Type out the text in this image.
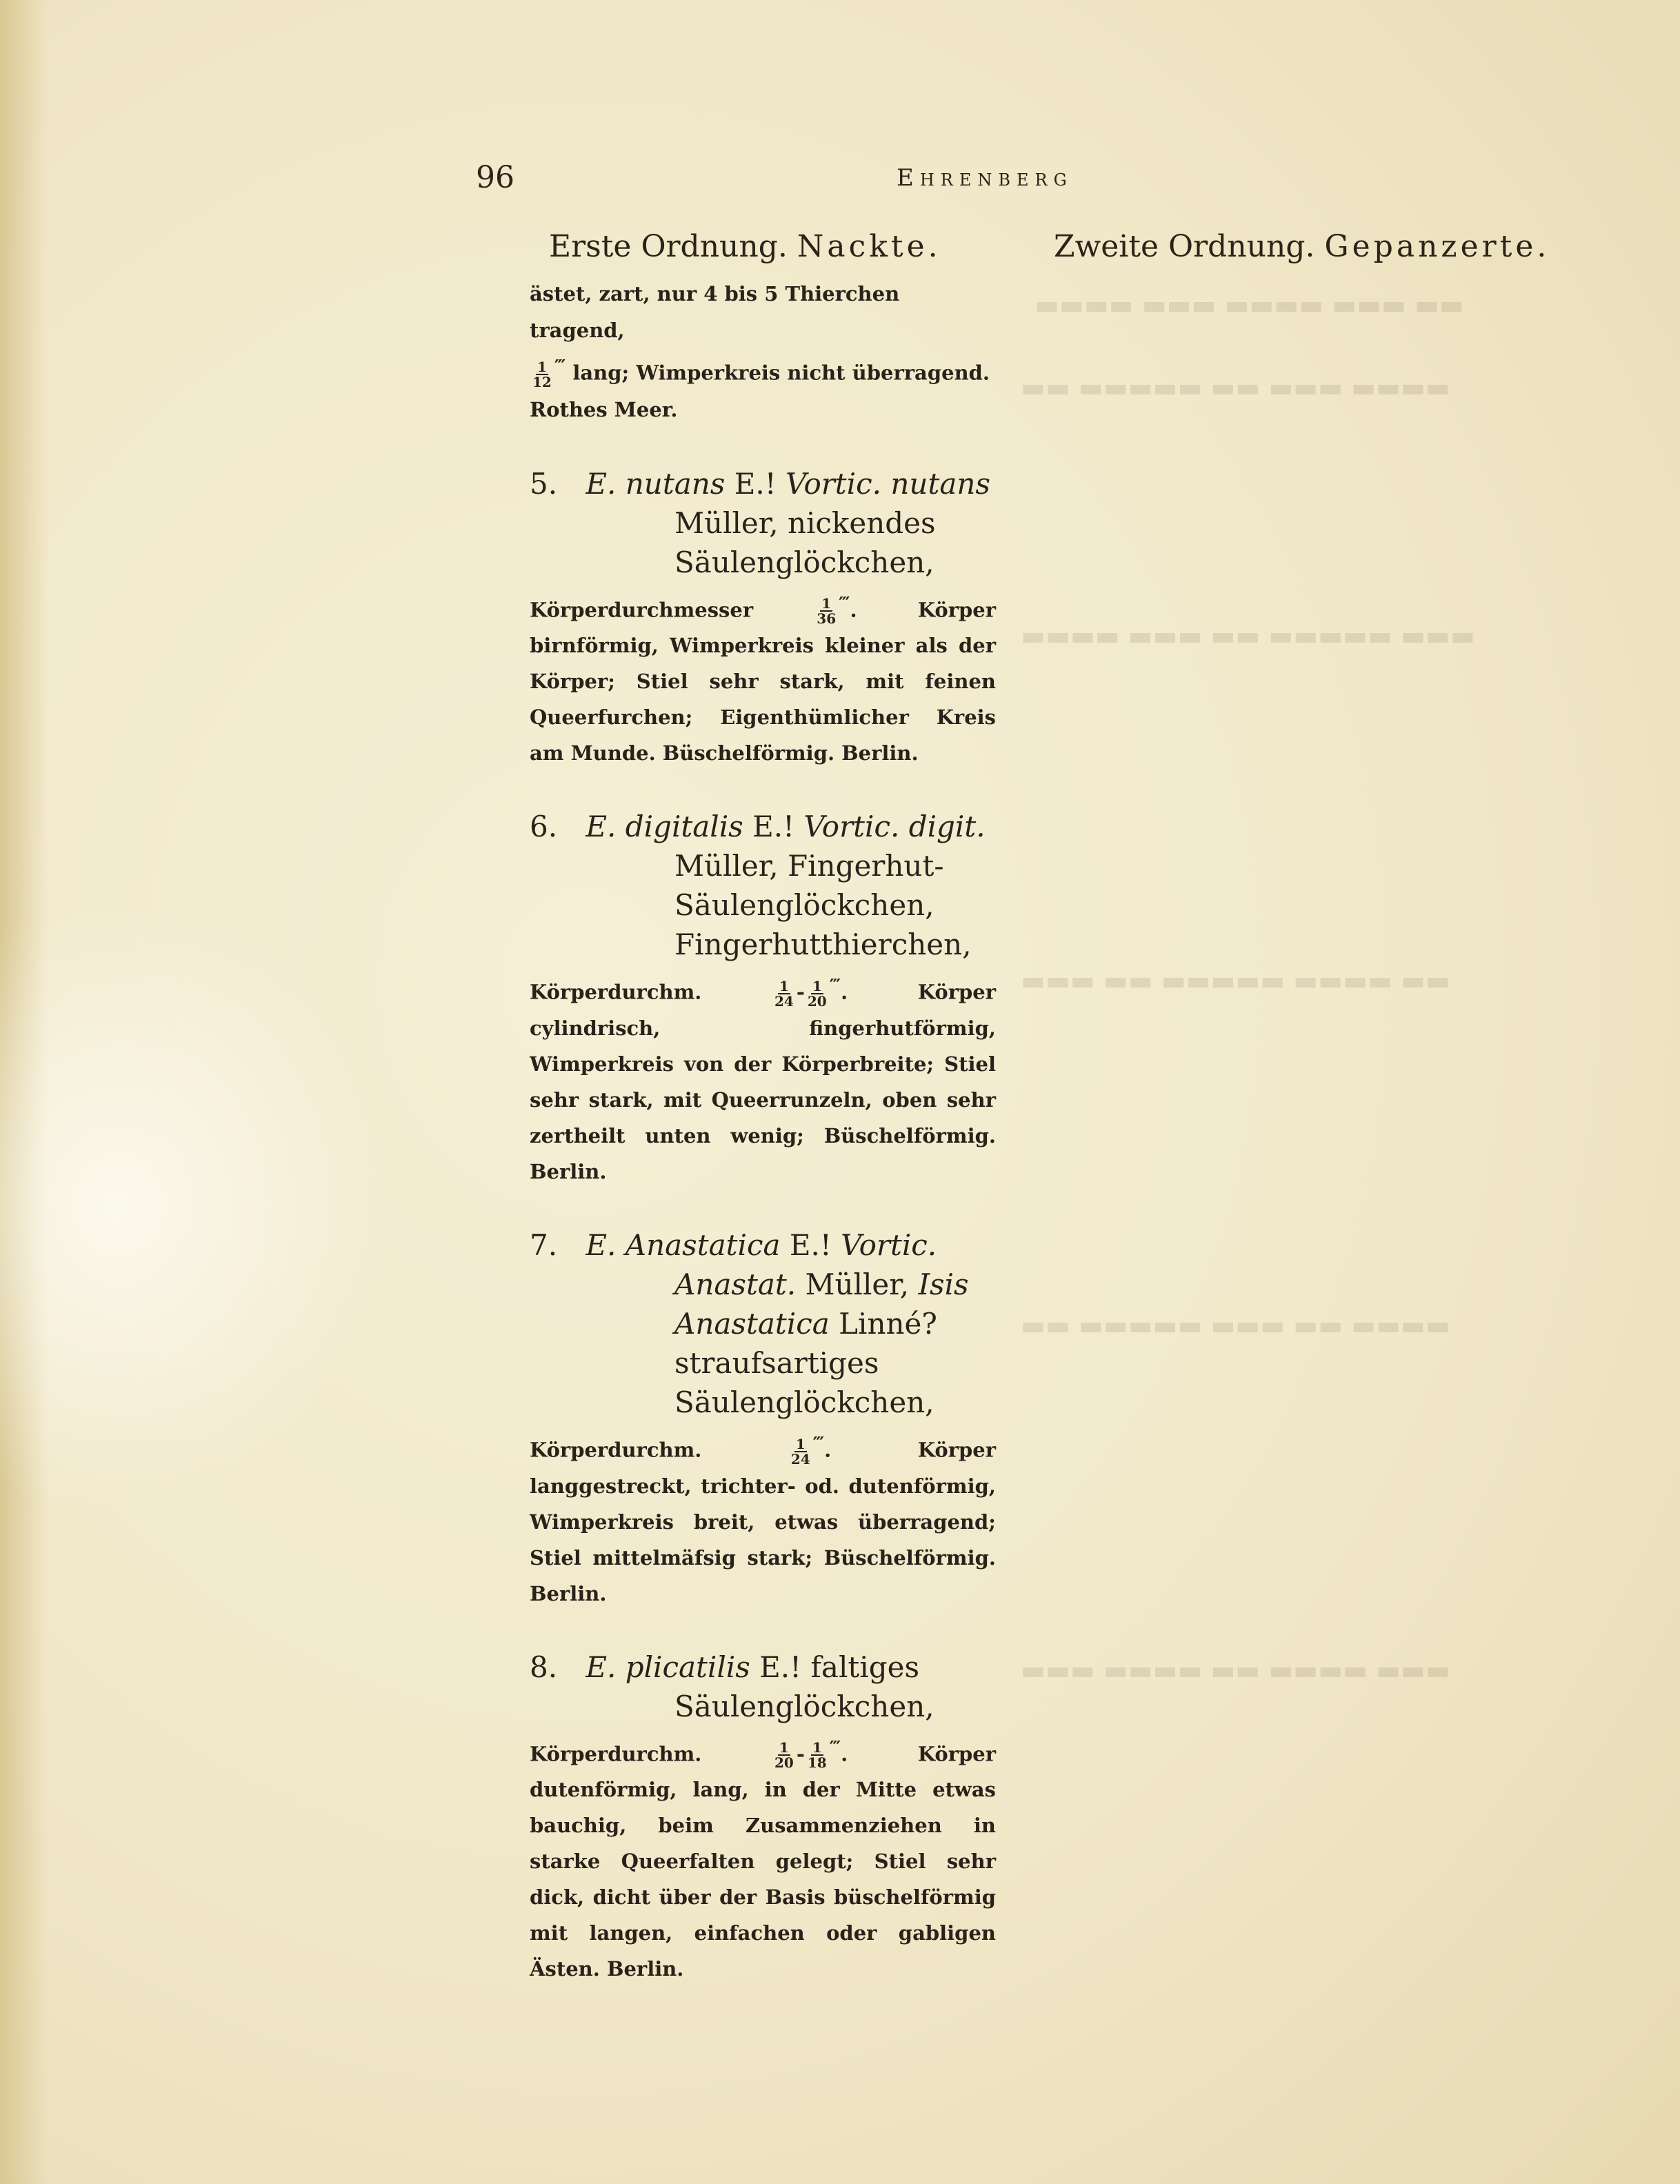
▬▬ ▬▬▬ ▬▬▬▬ ▬▬▬ ▬▬▬▬
▬▬▬▬ ▬▬▬ ▬▬ ▬▬▬▬▬ ▬▬
▬▬▬ ▬▬▬▬▬ ▬▬ ▬▬▬ ▬▬▬▬
▬▬ ▬▬▬▬ ▬▬▬▬▬ ▬▬ ▬▬▬
▬▬▬▬ ▬▬ ▬▬▬ ▬▬▬▬▬ ▬▬
▬▬▬ ▬▬▬▬ ▬▬ ▬▬▬▬ ▬▬▬
96	Ehrenberg
Erste Ordnung. Nackte.	Zweite Ordnung. Gepanzerte.
ästet, zart, nur 4 bis 5 Thierchen tragend,
$\frac{1}{12}$ ‴ lang; Wimperkreis nicht überragend.
Rothes Meer.
5. E. nutans E.! Vortic. nutans Müller, nickendes Säulenglöckchen,
Körperdurchmesser	$\frac{1}{36}$ ‴. Körper birnförmig, Wimperkreis kleiner als der Körper; Stiel sehr stark, mit feinen Queerfurchen; Eigenthümlicher Kreis am Munde. Büschelförmig. Berlin.
6. E. digitalis E.! Vortic. digit. Müller, Fingerhut-Säulenglöckchen, Fingerhutthierchen,
Körperdurchm.	$\frac{1}{24} - \frac{1}{20}$ ‴. Körper cylindrisch, fingerhutförmig, Wimperkreis von der Körperbreite; Stiel sehr stark, mit Queerrunzeln, oben sehr zertheilt unten wenig; Büschelförmig. Berlin.
7. E. Anastatica E.! Vortic. Anastat. Müller, Isis Anastatica Linné? straufsartiges Säulenglöckchen,
Körperdurchm.	$\frac{1}{24}$ ‴. Körper langgestreckt, trichter- od. dutenförmig, Wimperkreis breit, etwas überragend; Stiel mittelmäfsig stark; Büschelförmig. Berlin.
8. E. plicatilis E.! faltiges Säulenglöckchen,
Körperdurchm.	$\frac{1}{20} - \frac{1}{18}$ ‴. Körper dutenförmig, lang, in der Mitte etwas bauchig, beim Zusammenziehen in starke Queerfalten gelegt; Stiel sehr dick, dicht über der Basis büschelförmig mit langen, einfachen oder gabligen Ästen. Berlin.
